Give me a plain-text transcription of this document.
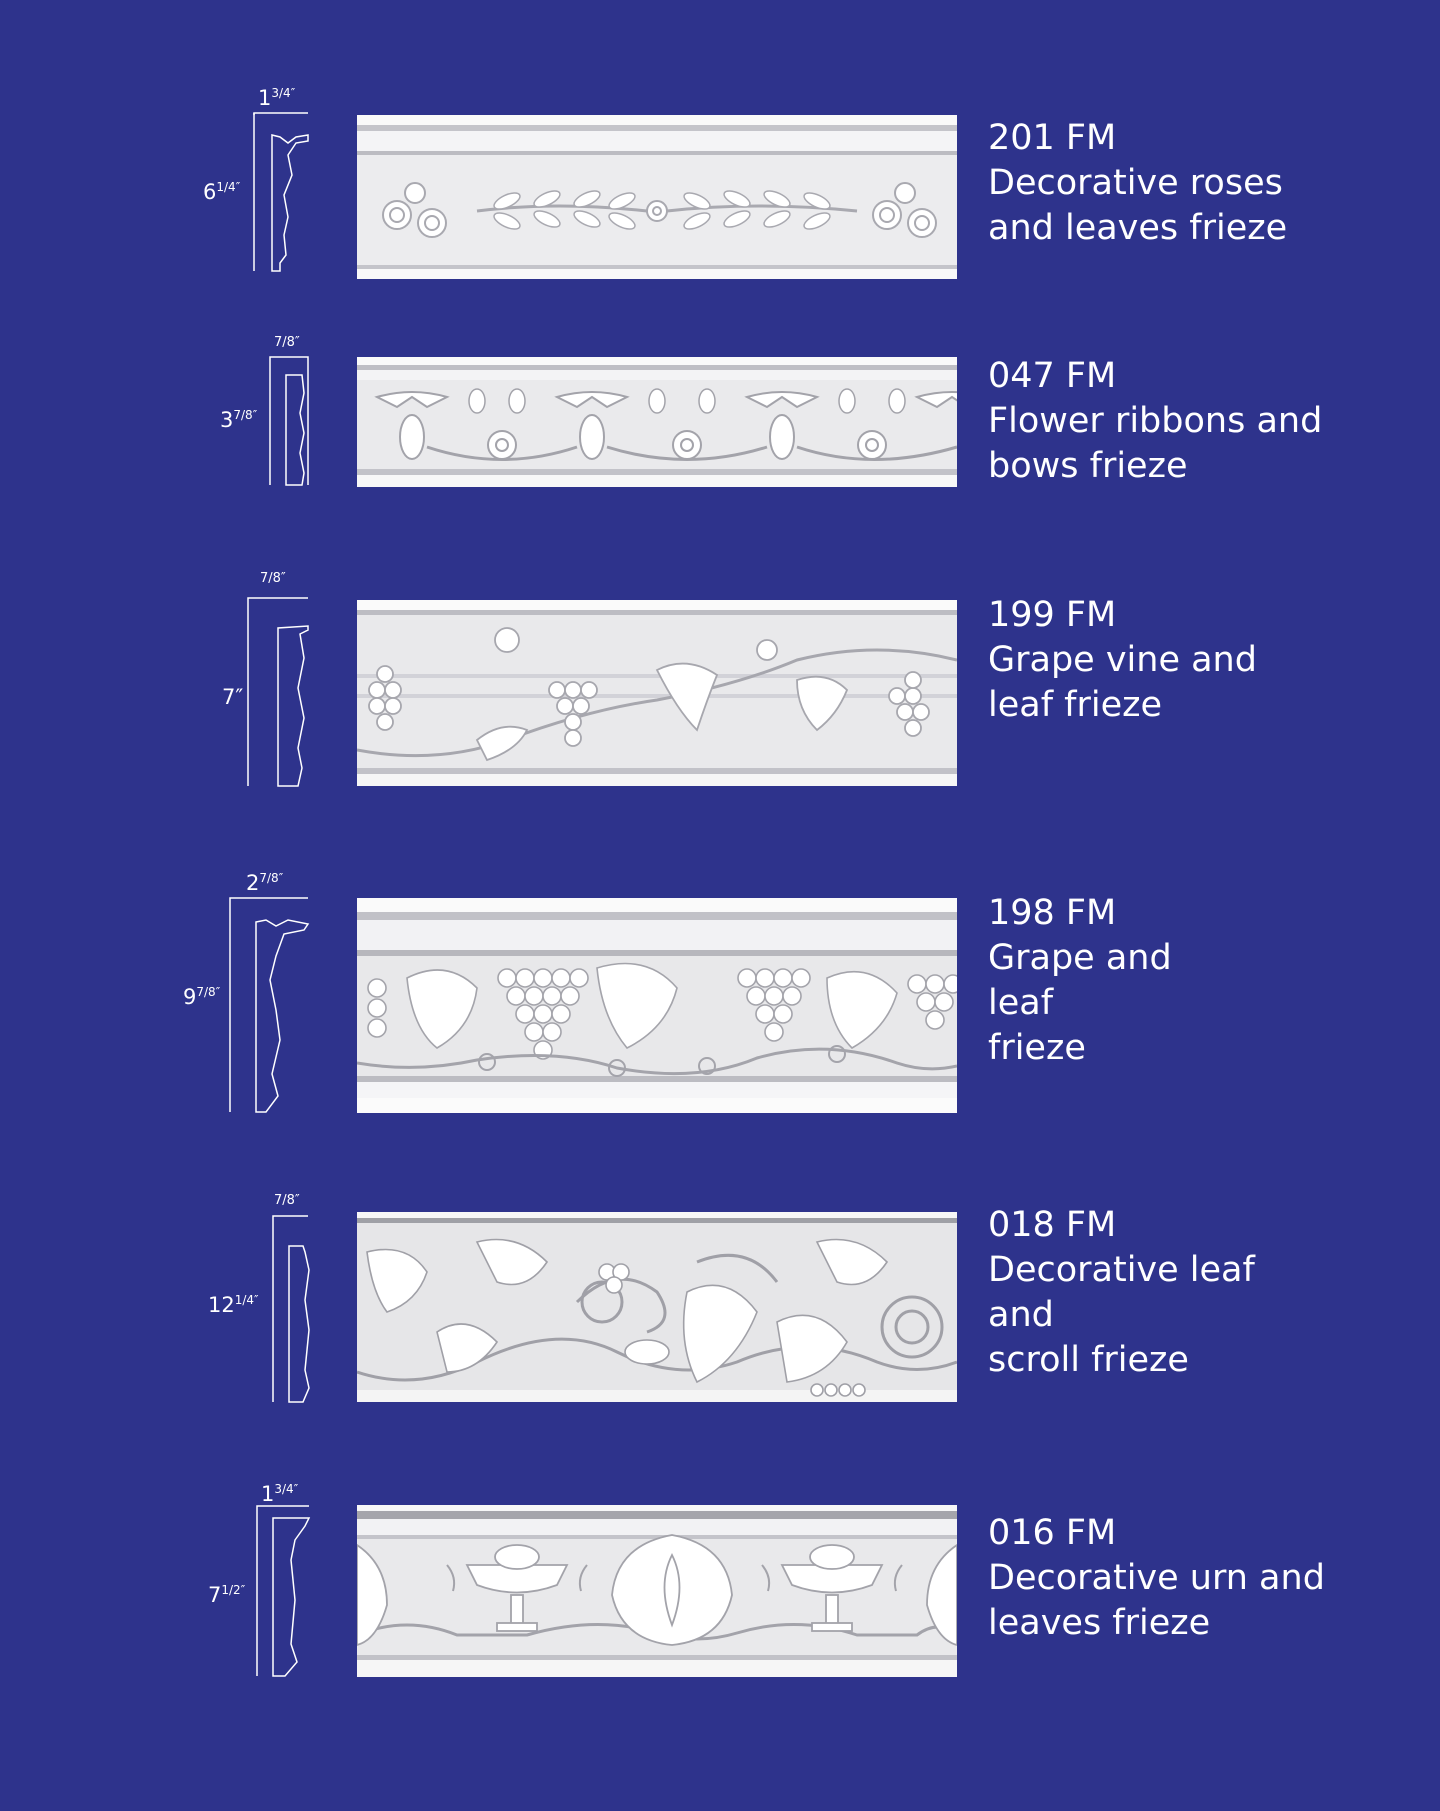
$1^{3/4''}$
$6^{1/4''}$
201 FM
Decorative roses
and leaves frieze
7/8″
$3^{7/8''}$
047 FM
Flower ribbons and
bows frieze
7/8″
7″
199 FM
Grape vine and
leaf frieze
$2^{7/8''}$
$9^{7/8''}$
198 FM
Grape and
leaf
frieze
7/8″
$12^{1/4''}$
018 FM
Decorative leaf
and
scroll frieze
$1^{3/4''}$
$7^{1/2''}$
016 FM
Decorative urn and
leaves frieze
